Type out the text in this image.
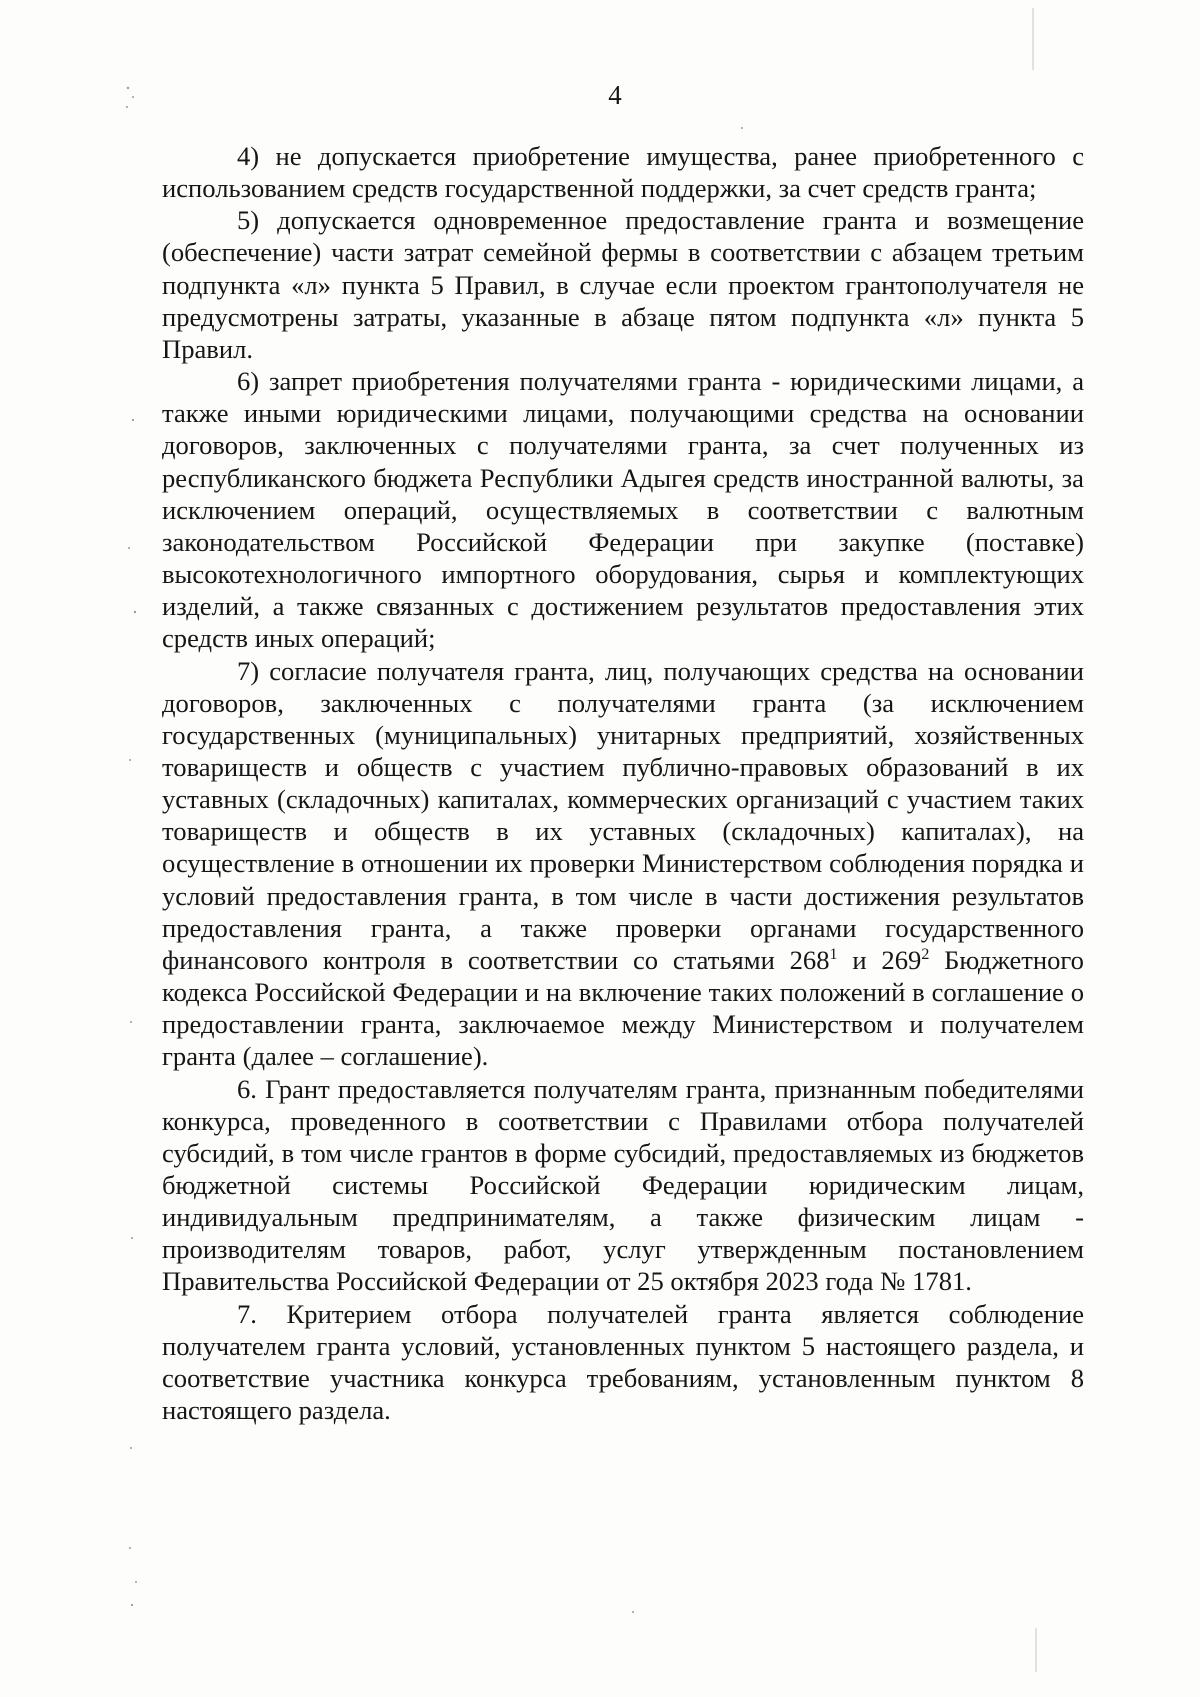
4

4) не допускается приобретение имущества, ранее приобретенного с использованием средств государственной поддержки, за счет средств гранта;

5) допускается одновременное предоставление гранта и возмещение (обеспечение) части затрат семейной фермы в соответствии с абзацем третьим подпункта «л» пункта 5 Правил, в случае если проектом грантополучателя не предусмотрены затраты, указанные в абзаце пятом подпункта «л» пункта 5 Правил.

6) запрет приобретения получателями гранта - юридическими лицами, а также иными юридическими лицами, получающими средства на основании договоров, заключенных с получателями гранта, за счет полученных из республиканского бюджета Республики Адыгея средств иностранной валюты, за исключением операций, осуществляемых в соответствии с валютным законодательством Российской Федерации при закупке (поставке) высокотехнологичного импортного оборудования, сырья и комплектующих изделий, а также связанных с достижением результатов предоставления этих средств иных операций;

7) согласие получателя гранта, лиц, получающих средства на основании договоров, заключенных с получателями гранта (за исключением государственных (муниципальных) унитарных предприятий, хозяйственных товариществ и обществ с участием публично-правовых образований в их уставных (складочных) капиталах, коммерческих организаций с участием таких товариществ и обществ в их уставных (складочных) капиталах), на осуществление в отношении их проверки Министерством соблюдения порядка и условий предоставления гранта, в том числе в части достижения результатов предоставления гранта, а также проверки органами государственного финансового контроля в соответствии со статьями $268^1$ и $269^2$ Бюджетного кодекса Российской Федерации и на включение таких положений в соглашение о предоставлении гранта, заключаемое между Министерством и получателем гранта (далее – соглашение).

6. Грант предоставляется получателям гранта, признанным победителями конкурса, проведенного в соответствии с Правилами отбора получателей субсидий, в том числе грантов в форме субсидий, предоставляемых из бюджетов бюджетной системы Российской Федерации юридическим лицам, индивидуальным предпринимателям, а также физическим лицам - производителям товаров, работ, услуг утвержденным постановлением Правительства Российской Федерации от 25 октября 2023 года № 1781.

7. Критерием отбора получателей гранта является соблюдение получателем гранта условий, установленных пунктом 5 настоящего раздела, и соответствие участника конкурса требованиям, установленным пунктом 8 настоящего раздела.
